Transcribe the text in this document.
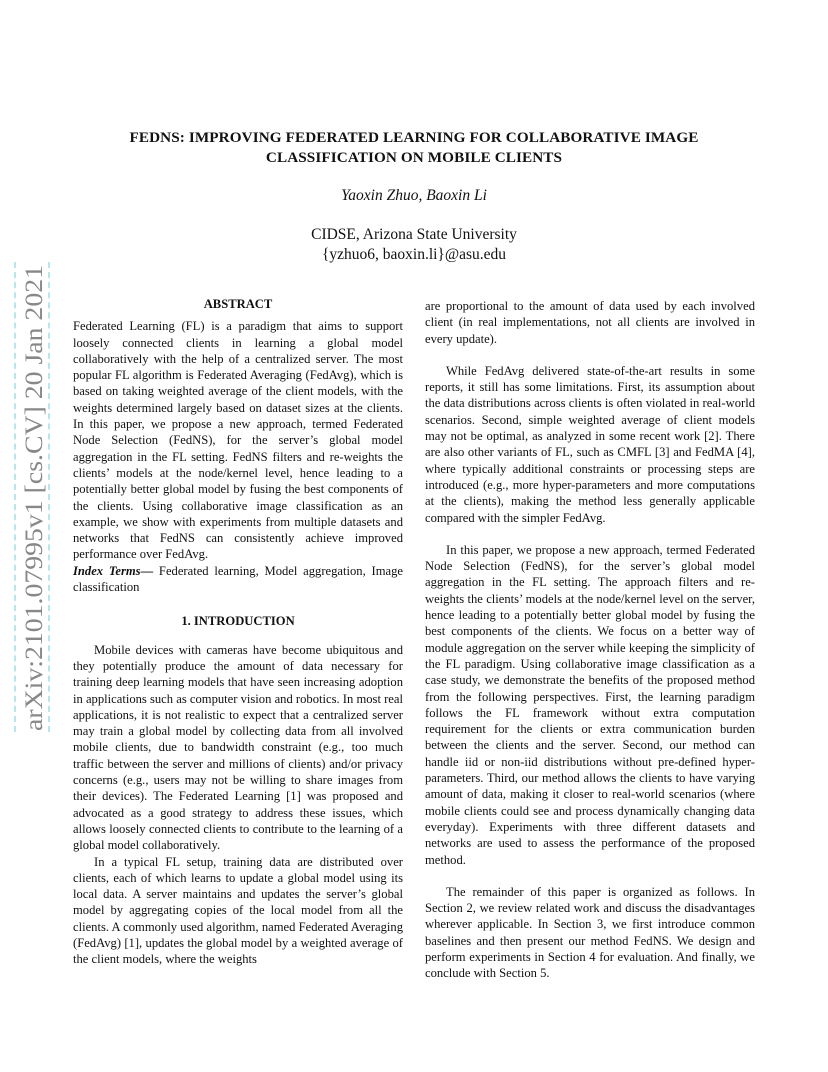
arXiv:2101.07995v1 [cs.CV] 20 Jan 2021
FEDNS: IMPROVING FEDERATED LEARNING FOR COLLABORATIVE IMAGE
CLASSIFICATION ON MOBILE CLIENTS
Yaoxin Zhuo, Baoxin Li
CIDSE, Arizona State University
{yzhuo6, baoxin.li}@asu.edu
ABSTRACT

Federated Learning (FL) is a paradigm that aims to support loosely connected clients in learning a global model collaboratively with the help of a centralized server. The most popular FL algorithm is Federated Averaging (FedAvg), which is based on taking weighted average of the client models, with the weights determined largely based on dataset sizes at the clients. In this paper, we propose a new approach, termed Federated Node Selection (FedNS), for the server’s global model aggregation in the FL setting. FedNS filters and re-weights the clients’ models at the node/kernel level, hence leading to a potentially better global model by fusing the best components of the clients. Using collaborative image classification as an example, we show with experiments from multiple datasets and networks that FedNS can consistently achieve improved performance over FedAvg.

Index Terms— Federated learning, Model aggregation, Image classification

1. INTRODUCTION

Mobile devices with cameras have become ubiquitous and they potentially produce the amount of data necessary for training deep learning models that have seen increasing adoption in applications such as computer vision and robotics. In most real applications, it is not realistic to expect that a centralized server may train a global model by collecting data from all involved mobile clients, due to bandwidth constraint (e.g., too much traffic between the server and millions of clients) and/or privacy concerns (e.g., users may not be willing to share images from their devices). The Federated Learning [1] was proposed and advocated as a good strategy to address these issues, which allows loosely connected clients to contribute to the learning of a global model collaboratively.

In a typical FL setup, training data are distributed over clients, each of which learns to update a global model using its local data. A server maintains and updates the server’s global model by aggregating copies of the local model from all the clients. A commonly used algorithm, named Federated Averaging (FedAvg) [1], updates the global model by a weighted average of the client models, where the weights

are proportional to the amount of data used by each involved client (in real implementations, not all clients are involved in every update).

While FedAvg delivered state-of-the-art results in some reports, it still has some limitations. First, its assumption about the data distributions across clients is often violated in real-world scenarios. Second, simple weighted average of client models may not be optimal, as analyzed in some recent work [2]. There are also other variants of FL, such as CMFL [3] and FedMA [4], where typically additional constraints or processing steps are introduced (e.g., more hyper-parameters and more computations at the clients), making the method less generally applicable compared with the simpler FedAvg.

In this paper, we propose a new approach, termed Federated Node Selection (FedNS), for the server’s global model aggregation in the FL setting. The approach filters and re-weights the clients’ models at the node/kernel level on the server, hence leading to a potentially better global model by fusing the best components of the clients. We focus on a better way of module aggregation on the server while keeping the simplicity of the FL paradigm. Using collaborative image classification as a case study, we demonstrate the benefits of the proposed method from the following perspectives. First, the learning paradigm follows the FL framework without extra computation requirement for the clients or extra communication burden between the clients and the server. Second, our method can handle iid or non-iid distributions without pre-defined hyper-parameters. Third, our method allows the clients to have varying amount of data, making it closer to real-world scenarios (where mobile clients could see and process dynamically changing data everyday). Experiments with three different datasets and networks are used to assess the performance of the proposed method.

The remainder of this paper is organized as follows. In Section 2, we review related work and discuss the disadvantages wherever applicable. In Section 3, we first introduce common baselines and then present our method FedNS. We design and perform experiments in Section 4 for evaluation. And finally, we conclude with Section 5.
